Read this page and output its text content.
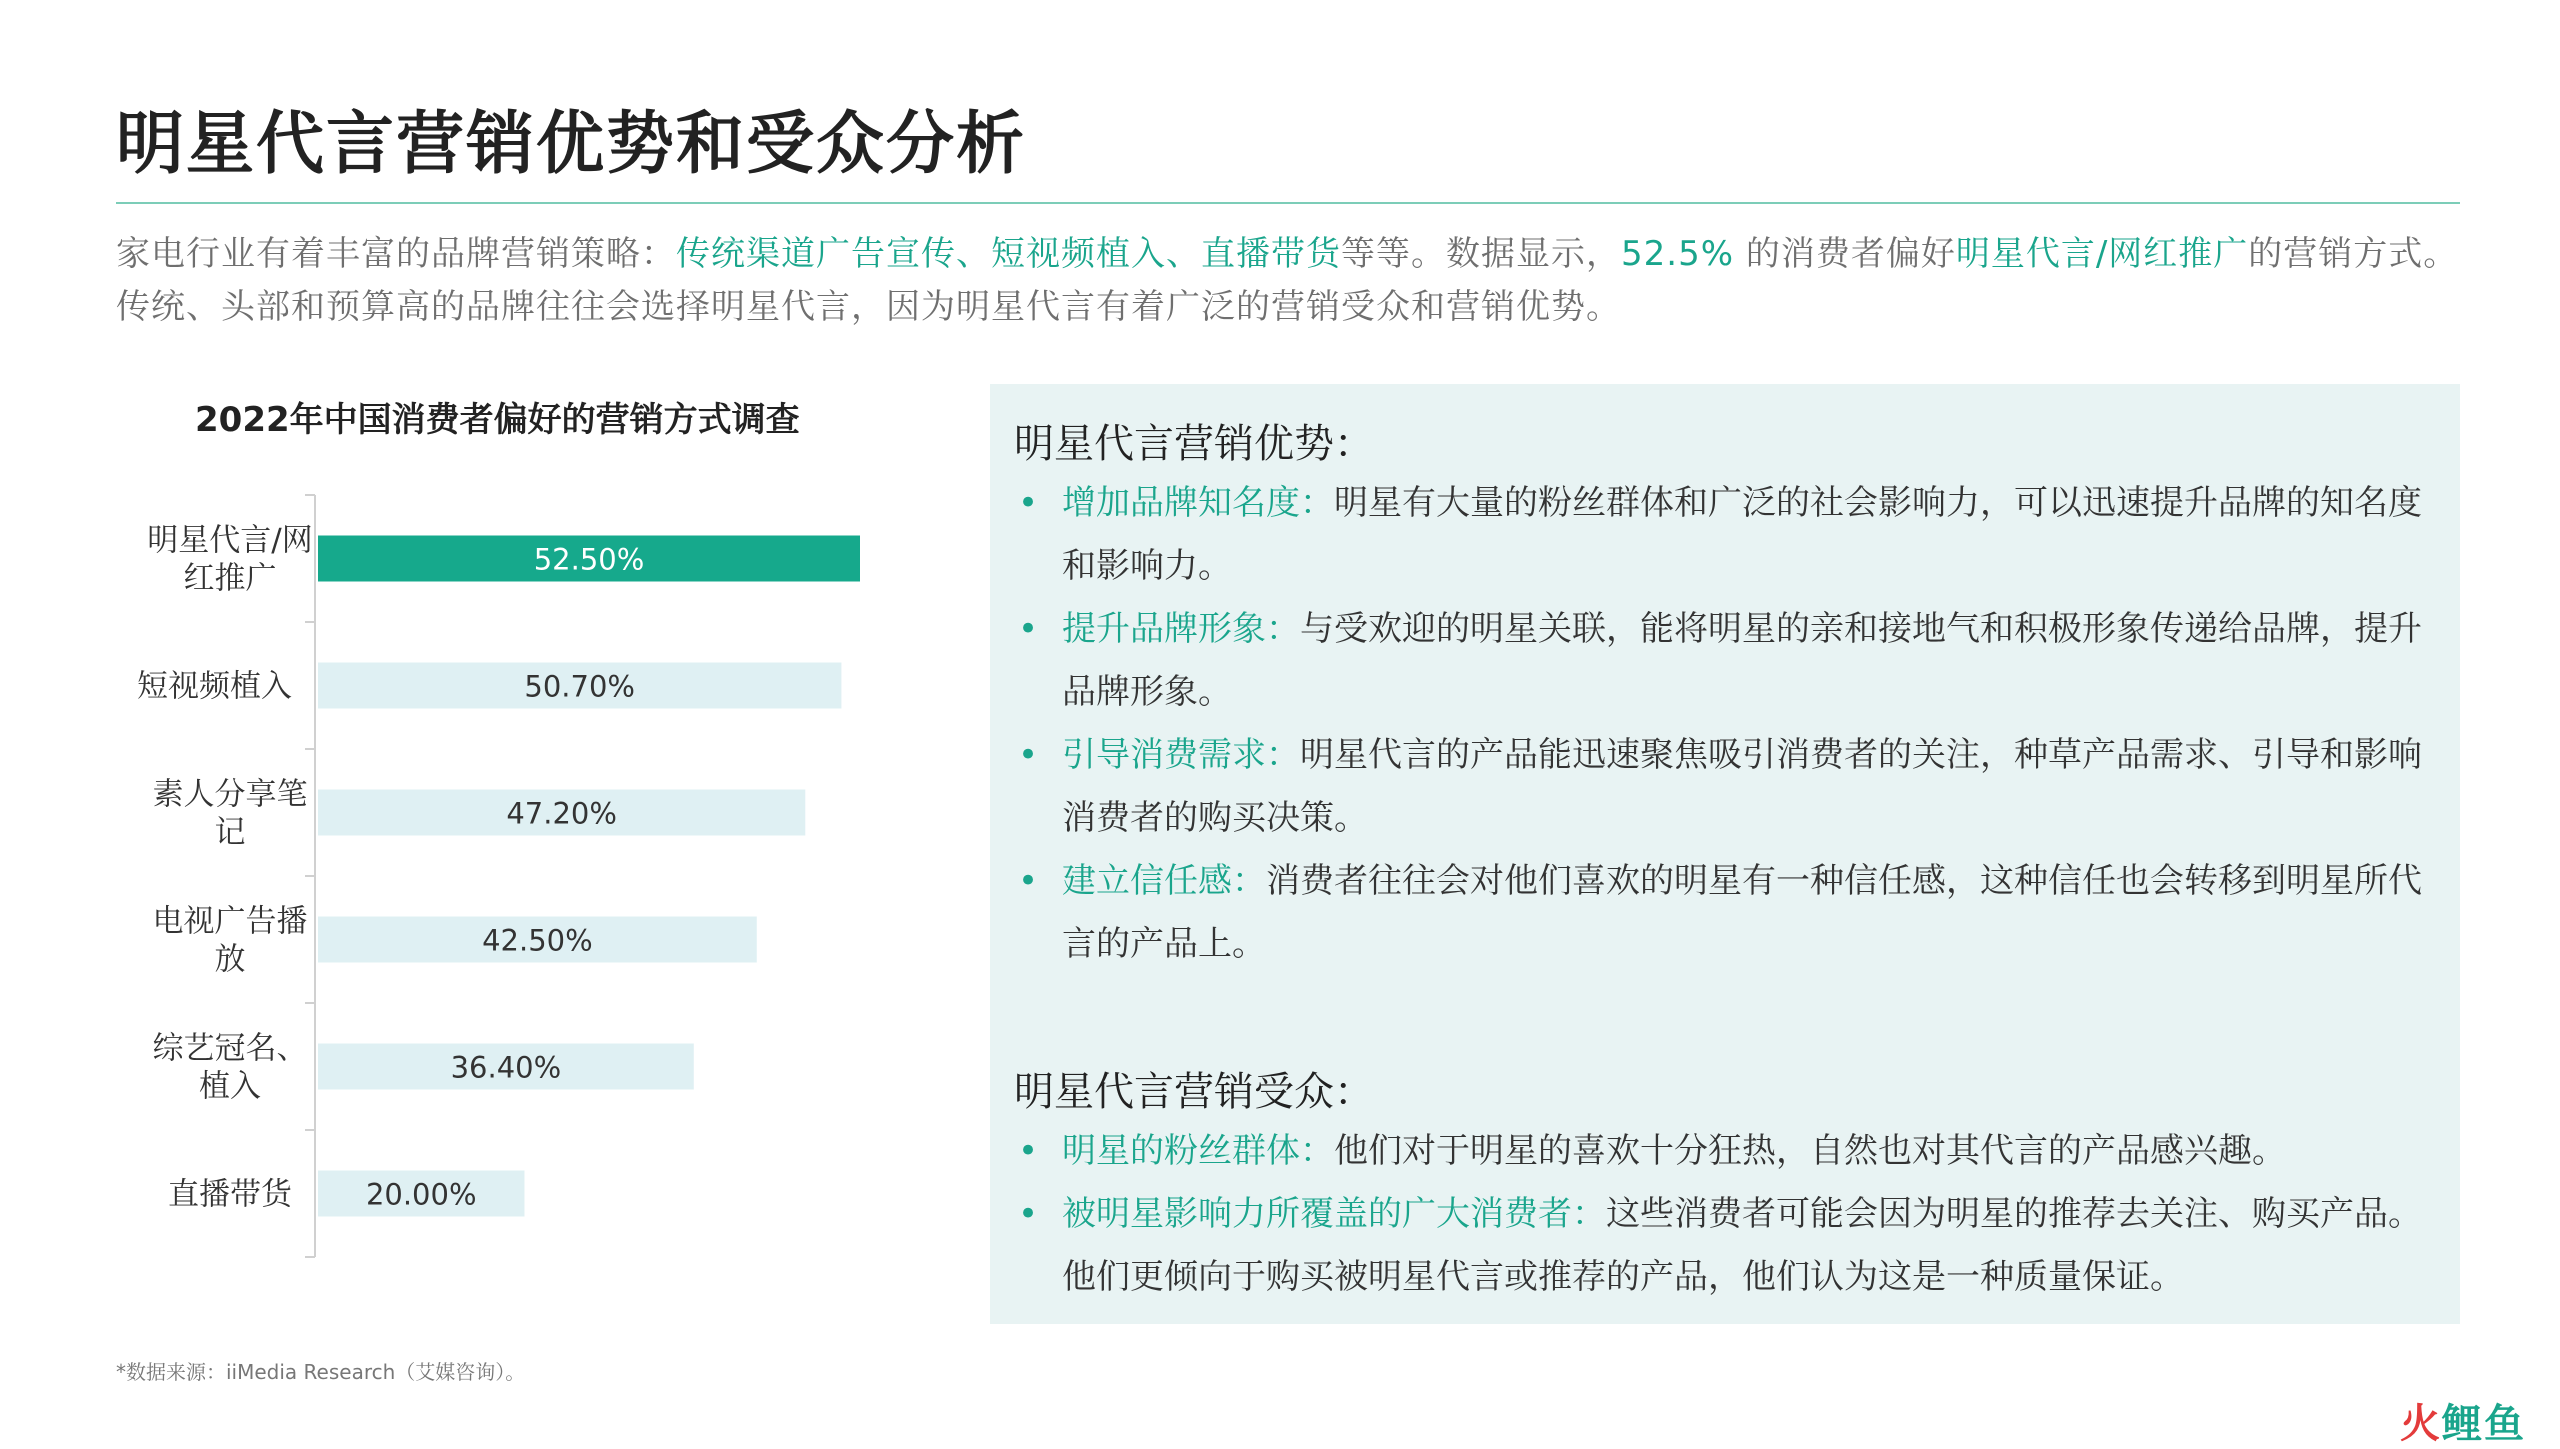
明星代言营销优势和受众分析
家电行业有着丰富的品牌营销策略：传统渠道广告宣传、短视频植入、直播带货等等。数据显示，52.5% 的消费者偏好明星代言/网红推广的营销方式。传统、头部和预算高的品牌往往会选择明星代言，因为明星代言有着广泛的营销受众和营销优势。
2022年中国消费者偏好的营销方式调查
52.50%
明星代言/网
红推广
50.70%
短视频植入
47.20%
素人分享笔
记
42.50%
电视广告播
放
36.40%
综艺冠名、
植入
20.00%
直播带货
*数据来源：iiMedia Research（艾媒咨询）。
明星代言营销优势：
• 增加品牌知名度：明星有大量的粉丝群体和广泛的社会影响力，可以迅速提升品牌的知名度和影响力。
• 提升品牌形象：与受欢迎的明星关联，能将明星的亲和接地气和积极形象传递给品牌，提升品牌形象。
• 引导消费需求：明星代言的产品能迅速聚焦吸引消费者的关注，种草产品需求、引导和影响消费者的购买决策。
• 建立信任感：消费者往往会对他们喜欢的明星有一种信任感，这种信任也会转移到明星所代言的产品上。
明星代言营销受众：
• 明星的粉丝群体：他们对于明星的喜欢十分狂热，自然也对其代言的产品感兴趣。
• 被明星影响力所覆盖的广大消费者：这些消费者可能会因为明星的推荐去关注、购买产品。他们更倾向于购买被明星代言或推荐的产品，他们认为这是一种质量保证。
火鲤鱼
